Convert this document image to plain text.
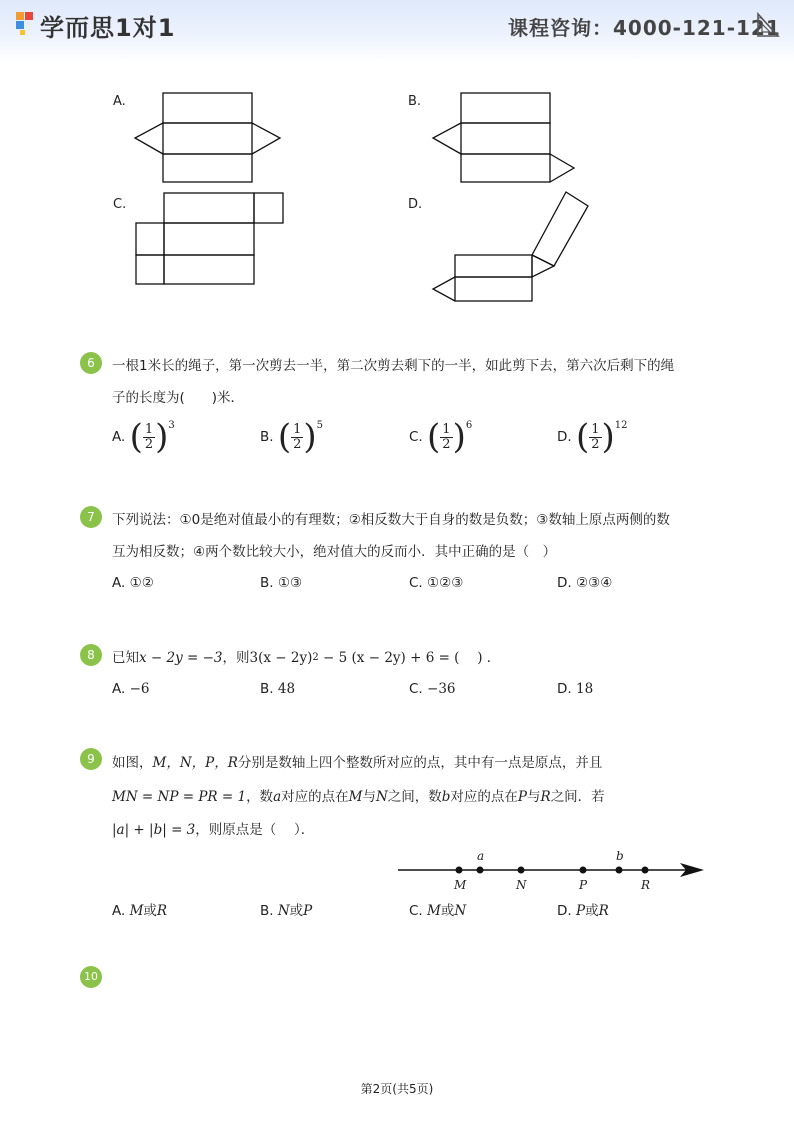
学而思1对1	课程咨询：4000-121-121
A.	B.
C.	D.
6	一根1米长的绳子，第一次剪去一半，第二次剪去剩下的一半，如此剪下去，第六次后剩下的绳
子的长度为(　　)米．
A. ( $\frac{1}{2} )^3$
B. ( $\frac{1}{2} )^5$
C. ( $\frac{1}{2} )^6$
D. ( $\frac{1}{2} )^{12}$
7	下列说法：①0是绝对值最小的有理数；②相反数大于自身的数是负数；③数轴上原点两侧的数
互为相反数；④两个数比较大小，绝对值大的反而小．其中正确的是（　）
A. ①②	B. ①③	C. ①②③	D. ②③④
8	已知x − 2y = −3，则$3(x - 2y)^2 - 5$ (x − 2y) + 6 = (　 ) ．
A. −6	B. 48	C. −36	D. 18
9	如图，M，N，P，R分别是数轴上四个整数所对应的点，其中有一点是原点，并且
MN = NP = PR = 1，数a对应的点在M与N之间，数b对应的点在P与R之间．若
|a| + |b| = 3，则原点是（　 ）．
M
a
N	P
b
R
A. M或R	B. N或P	C. M或N	D. P或R
10
第2页(共5页)
